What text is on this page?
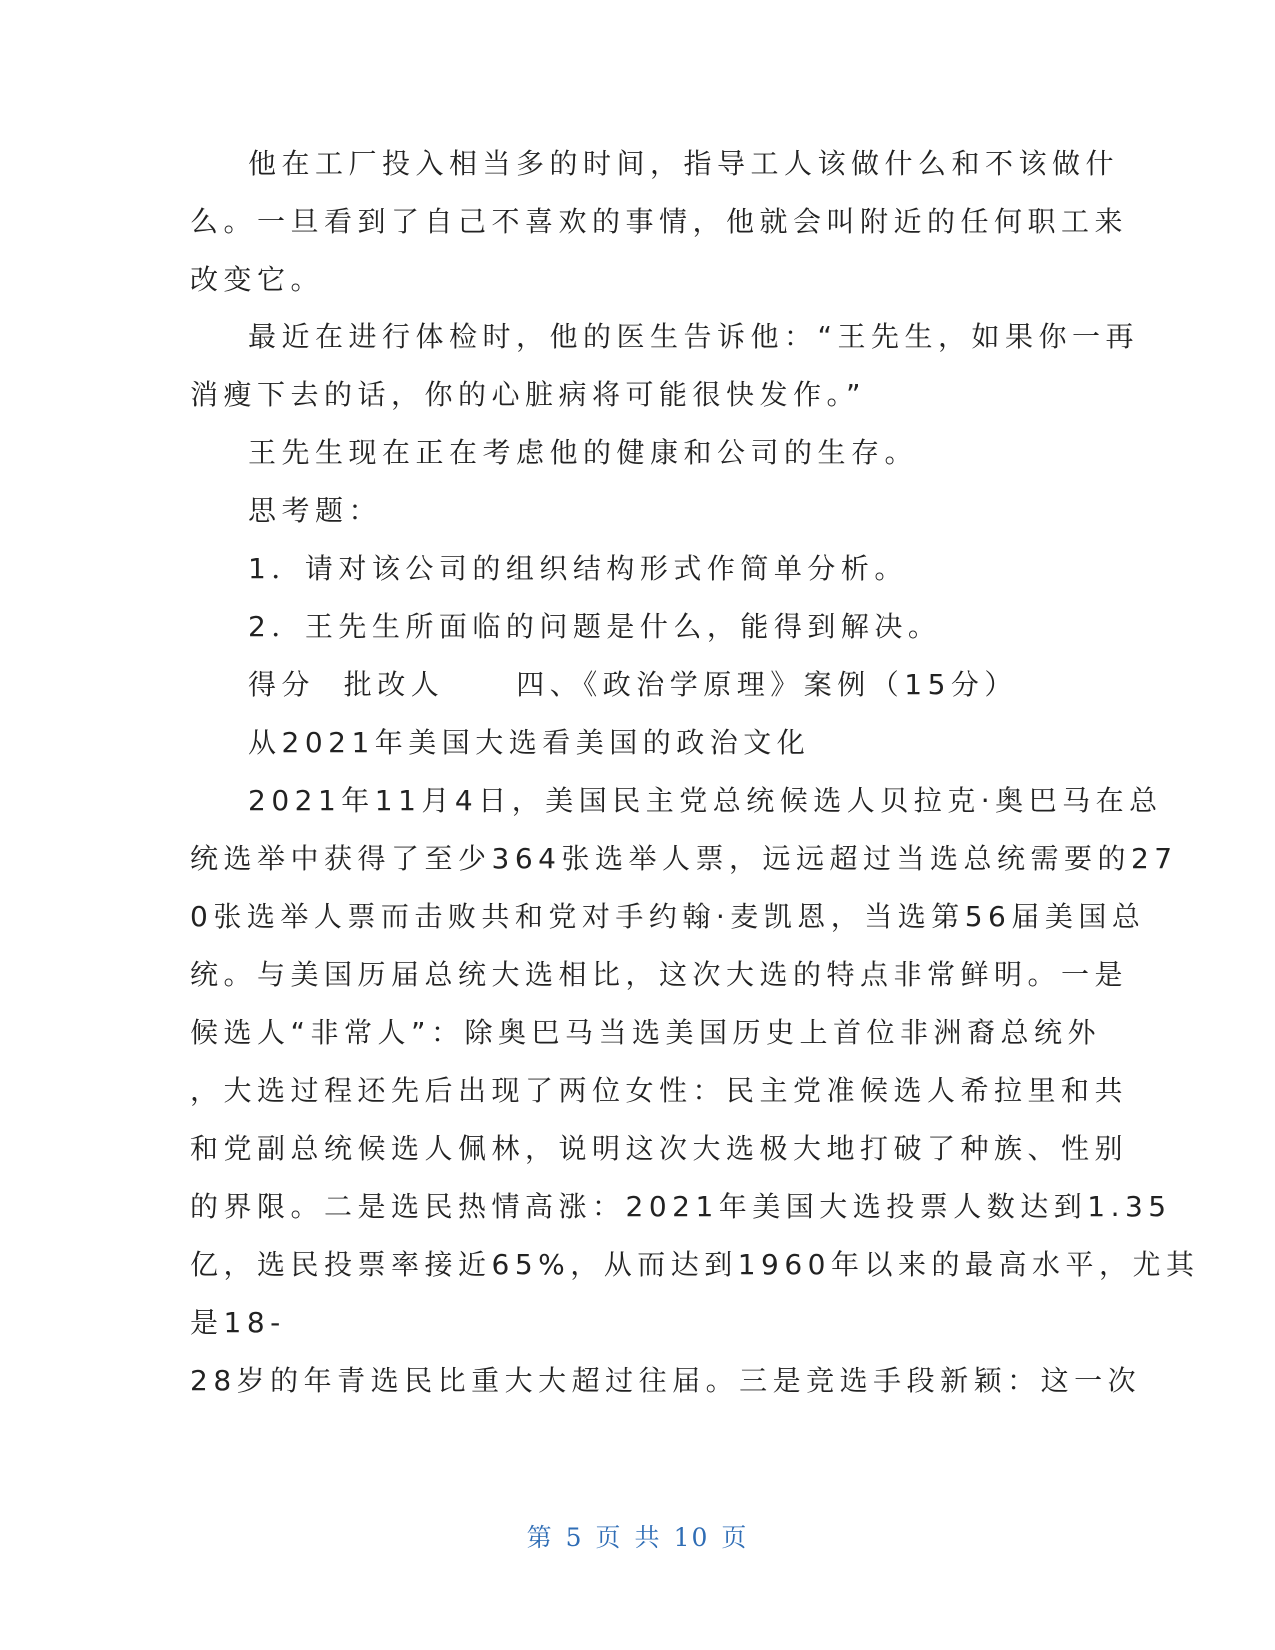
他在工厂投入相当多的时间，指导工人该做什么和不该做什
么。一旦看到了自己不喜欢的事情，他就会叫附近的任何职工来
改变它。
最近在进行体检时，他的医生告诉他：“王先生，如果你一再
消瘦下去的话，你的心脏病将可能很快发作。”
王先生现在正在考虑他的健康和公司的生存。
思考题：
1．请对该公司的组织结构形式作简单分析。
2．王先生所面临的问题是什么，能得到解决。
得分  批改人     四、《政治学原理》案例（15分）
从2021年美国大选看美国的政治文化
2021年11月4日，美国民主党总统候选人贝拉克·奥巴马在总
统选举中获得了至少364张选举人票，远远超过当选总统需要的27
0张选举人票而击败共和党对手约翰·麦凯恩，当选第56届美国总
统。与美国历届总统大选相比，这次大选的特点非常鲜明。一是
候选人“非常人”：除奥巴马当选美国历史上首位非洲裔总统外
，大选过程还先后出现了两位女性：民主党准候选人希拉里和共
和党副总统候选人佩林，说明这次大选极大地打破了种族、性别
的界限。二是选民热情高涨：2021年美国大选投票人数达到1.35
亿，选民投票率接近65%，从而达到1960年以来的最高水平，尤其
是18-
28岁的年青选民比重大大超过往届。三是竞选手段新颖：这一次
第 5 页 共 10 页
